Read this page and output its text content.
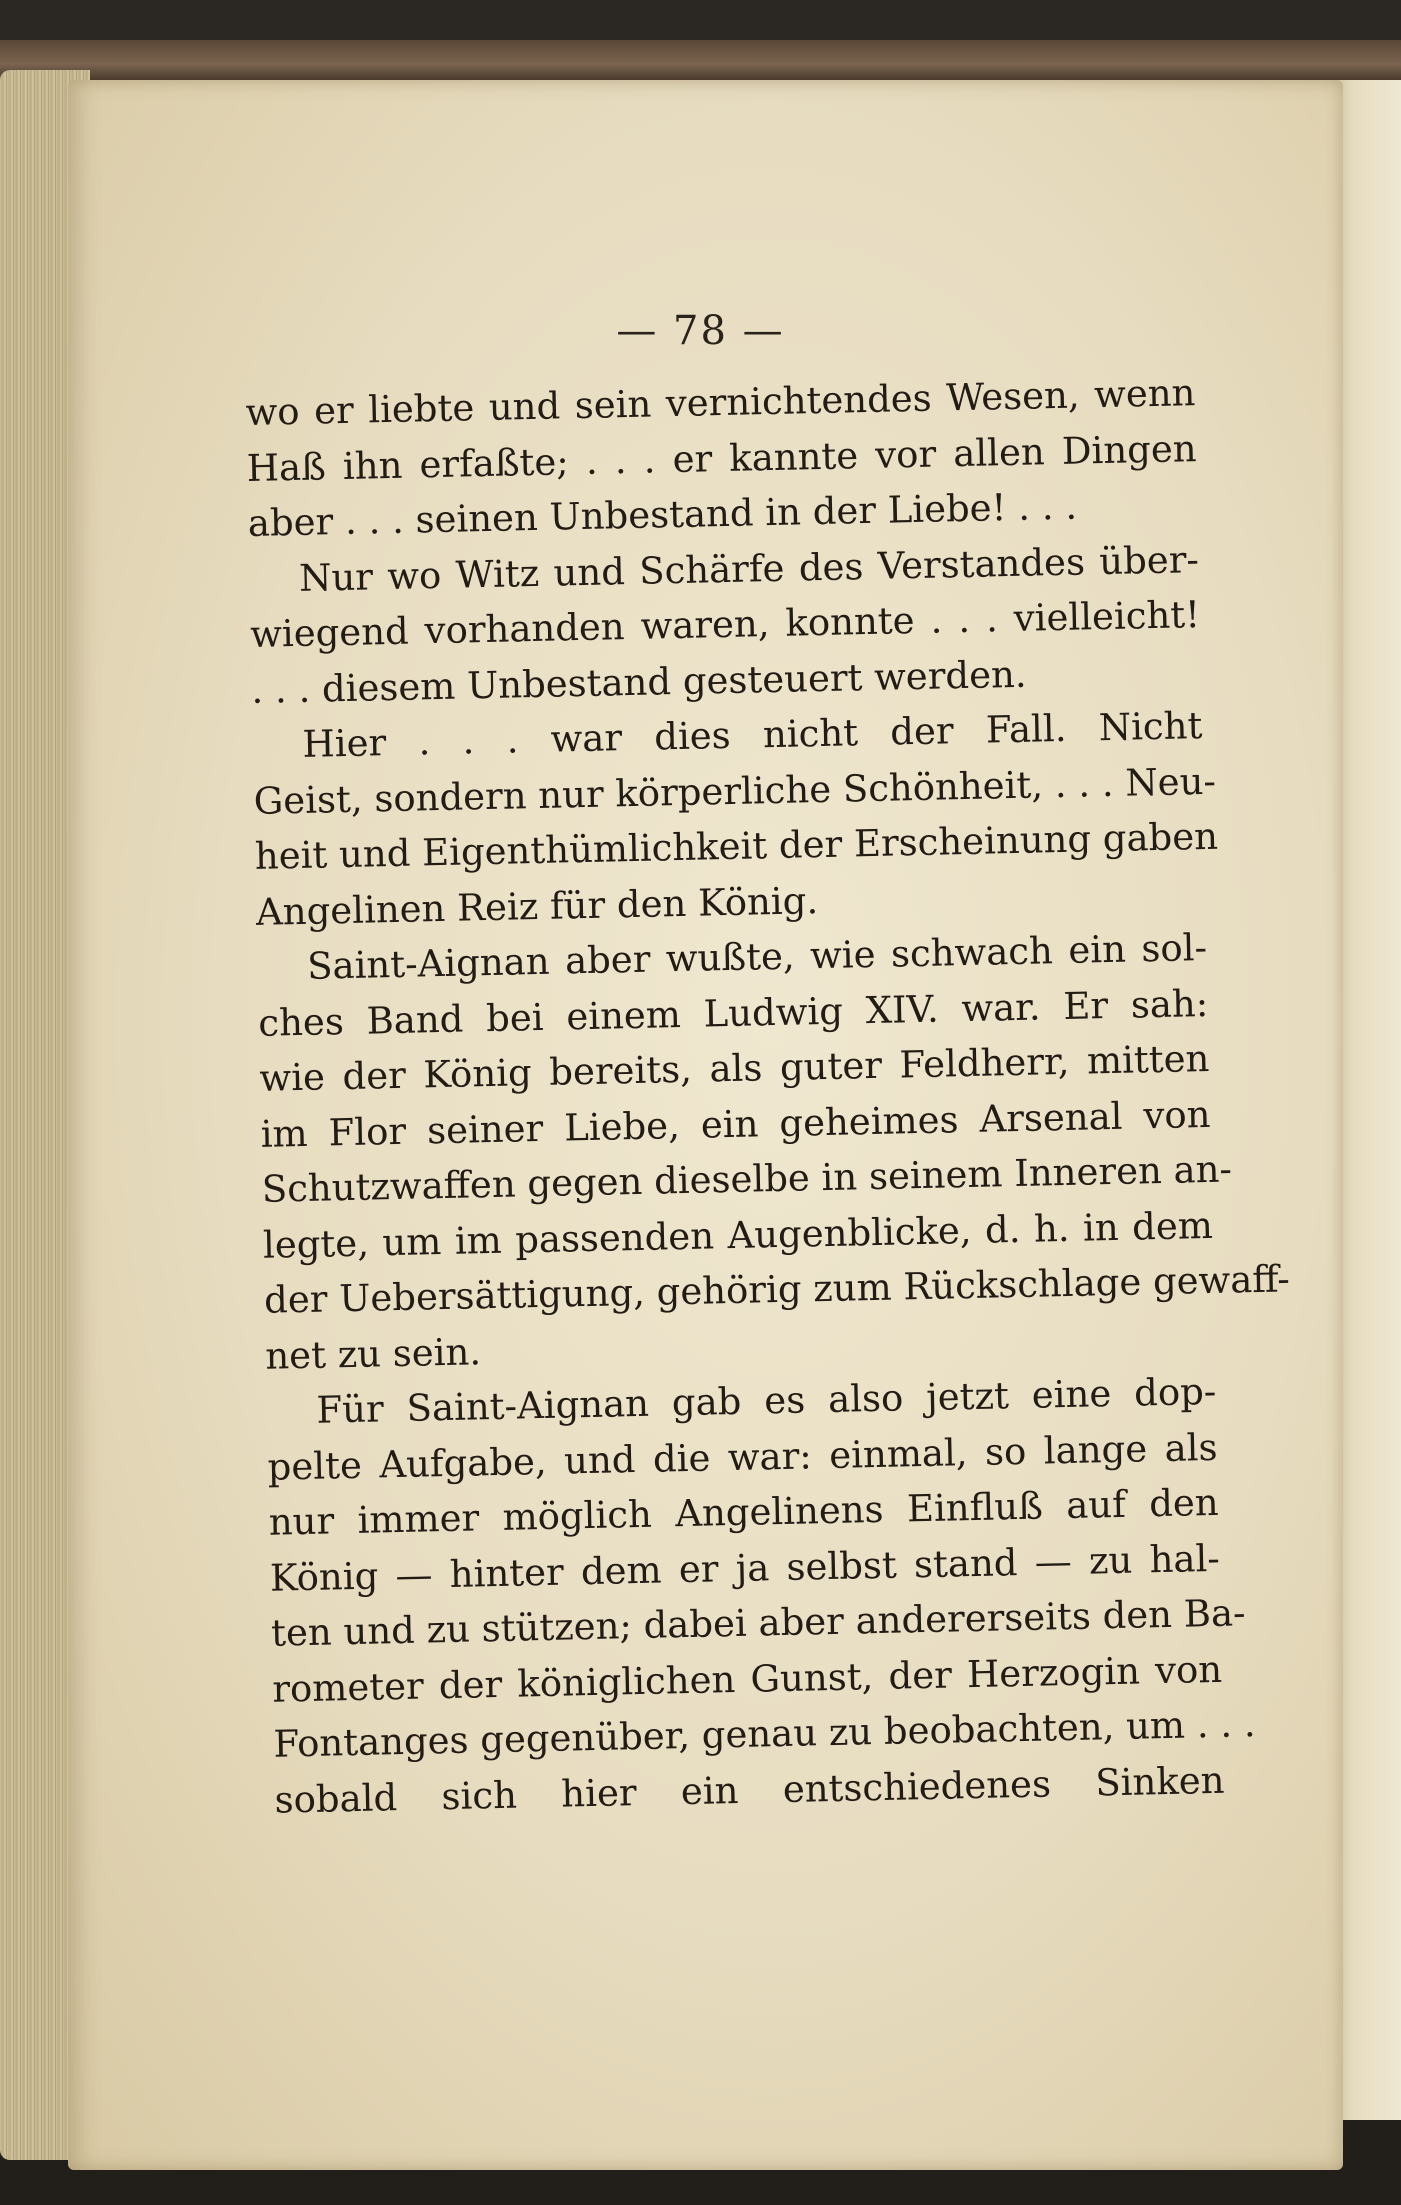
— 78 —
wo er liebte und sein vernichtendes Wesen, wenn
Haß ihn erfaßte; . . . er kannte vor allen Dingen
aber . . . seinen Unbestand in der Liebe! . . .
Nur wo Witz und Schärfe des Verstandes über-
wiegend vorhanden waren, konnte . . . vielleicht!
. . . diesem Unbestand gesteuert werden.
Hier . . . war dies nicht der Fall. Nicht
Geist, sondern nur körperliche Schönheit, . . . Neu-
heit und Eigenthümlichkeit der Erscheinung gaben
Angelinen Reiz für den König.
Saint-Aignan aber wußte, wie schwach ein sol-
ches Band bei einem Ludwig XIV. war. Er sah:
wie der König bereits, als guter Feldherr, mitten
im Flor seiner Liebe, ein geheimes Arsenal von
Schutzwaffen gegen dieselbe in seinem Inneren an-
legte, um im passenden Augenblicke, d. h. in dem
der Uebersättigung, gehörig zum Rückschlage gewaff-
net zu sein.
Für Saint-Aignan gab es also jetzt eine dop-
pelte Aufgabe, und die war: einmal, so lange als
nur immer möglich Angelinens Einfluß auf den
König — hinter dem er ja selbst stand — zu hal-
ten und zu stützen; dabei aber andererseits den Ba-
rometer der königlichen Gunst, der Herzogin von
Fontanges gegenüber, genau zu beobachten, um . . .
sobald sich hier ein entschiedenes Sinken
